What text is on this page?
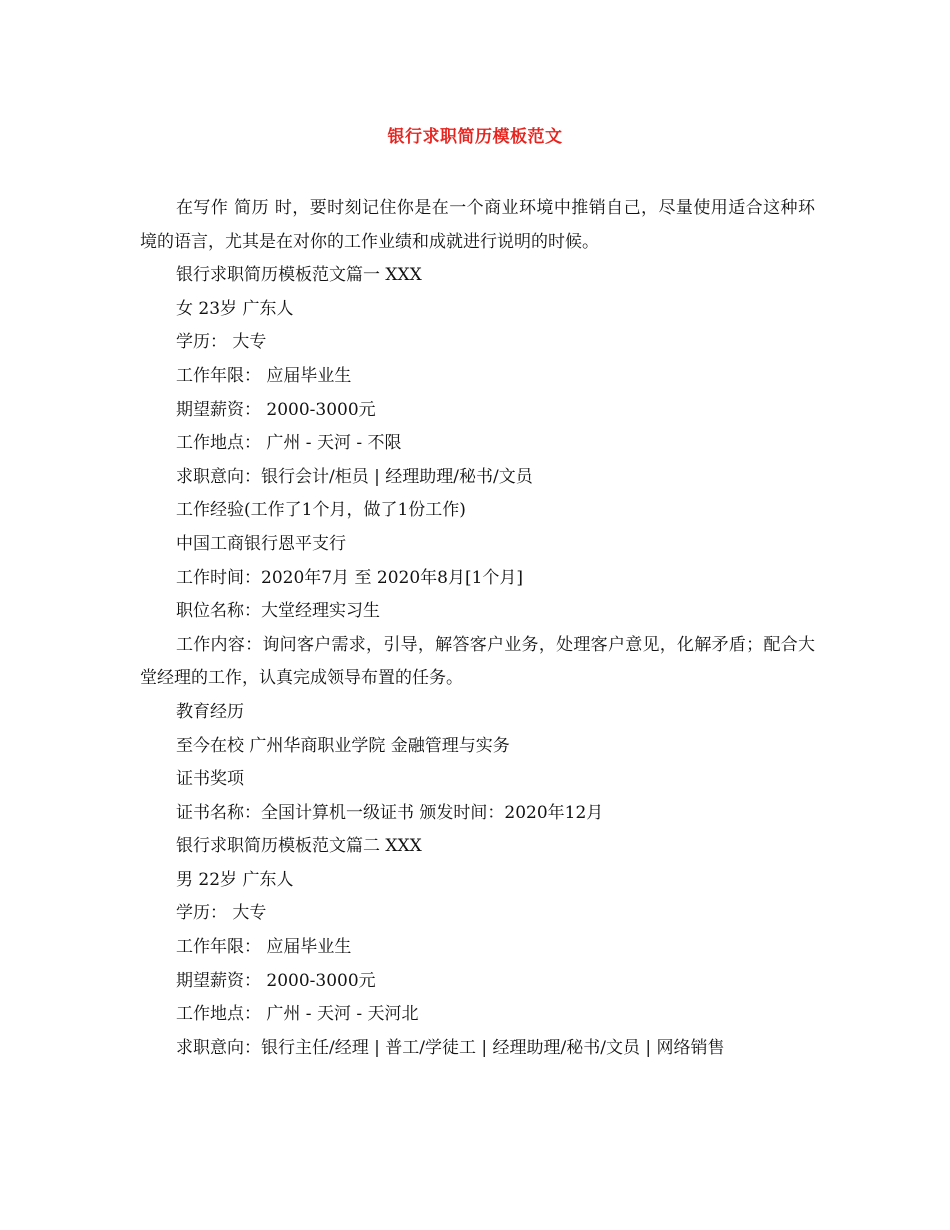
银行求职简历模板范文

在写作 简历 时，要时刻记住你是在一个商业环境中推销自己，尽量使用适合这种环境的语言，尤其是在对你的工作业绩和成就进行说明的时候。

银行求职简历模板范文篇一 XXX

女 23岁 广东人

学历： 大专

工作年限： 应届毕业生

期望薪资： 2000-3000元

工作地点： 广州 - 天河 - 不限

求职意向：银行会计/柜员 | 经理助理/秘书/文员

工作经验(工作了1个月，做了1份工作)

中国工商银行恩平支行

工作时间：2020年7月 至 2020年8月[1个月]

职位名称：大堂经理实习生

工作内容：询问客户需求，引导，解答客户业务，处理客户意见，化解矛盾；配合大堂经理的工作，认真完成领导布置的任务。

教育经历

至今在校 广州华商职业学院 金融管理与实务

证书奖项

证书名称：全国计算机一级证书 颁发时间：2020年12月

银行求职简历模板范文篇二 XXX

男 22岁 广东人

学历： 大专

工作年限： 应届毕业生

期望薪资： 2000-3000元

工作地点： 广州 - 天河 - 天河北

求职意向：银行主任/经理 | 普工/学徒工 | 经理助理/秘书/文员 | 网络销售
